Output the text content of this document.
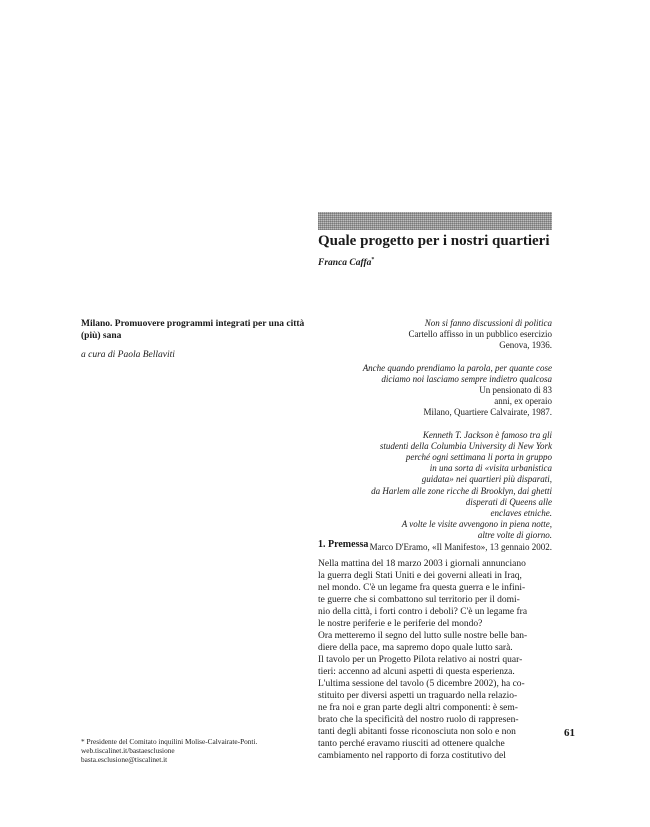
Quale progetto per i nostri quartieri
Franca Caffa*
Milano. Promuovere programmi integrati per una città (più) sana
a cura di Paola Bellaviti
Non si fanno discussioni di politica
Cartello affisso in un pubblico esercizio
Genova, 1936.
Anche quando prendiamo la parola, per quante cose
diciamo noi lasciamo sempre indietro qualcosa
Un pensionato di 83
anni, ex operaio
Milano, Quartiere Calvairate, 1987.
Kenneth T. Jackson è famoso tra gli
studenti della Columbia University di New York
perché ogni settimana li porta in gruppo
in una sorta di «visita urbanistica
guidata» nei quartieri più disparati,
da Harlem alle zone ricche di Brooklyn, dai ghetti
disperati di Queens alle
enclaves etniche.
A volte le visite avvengono in piena notte,
altre volte di giorno.
Marco D'Eramo, «Il Manifesto», 13 gennaio 2002.
1. Premessa
Nella mattina del 18 marzo 2003 i giornali annunciano
la guerra degli Stati Uniti e dei governi alleati in Iraq,
nel mondo. C'è un legame fra questa guerra e le infini-
te guerre che si combattono sul territorio per il domi-
nio della città, i forti contro i deboli? C'è un legame fra
le nostre periferie e le periferie del mondo?
Ora metteremo il segno del lutto sulle nostre belle ban-
diere della pace, ma sapremo dopo quale lutto sarà.
Il tavolo per un Progetto Pilota relativo ai nostri quar-
tieri: accenno ad alcuni aspetti di questa esperienza.
L'ultima sessione del tavolo (5 dicembre 2002), ha co-
stituito per diversi aspetti un traguardo nella relazio-
ne fra noi e gran parte degli altri componenti: è sem-
brato che la specificità del nostro ruolo di rappresen-
tanti degli abitanti fosse riconosciuta non solo e non
tanto perché eravamo riusciti ad ottenere qualche
cambiamento nel rapporto di forza costitutivo del
* Presidente del Comitato inquilini Molise-Calvairate-Ponti.
web.tiscalinet.it/bastaesclusione
basta.esclusione@tiscalinet.it
61
